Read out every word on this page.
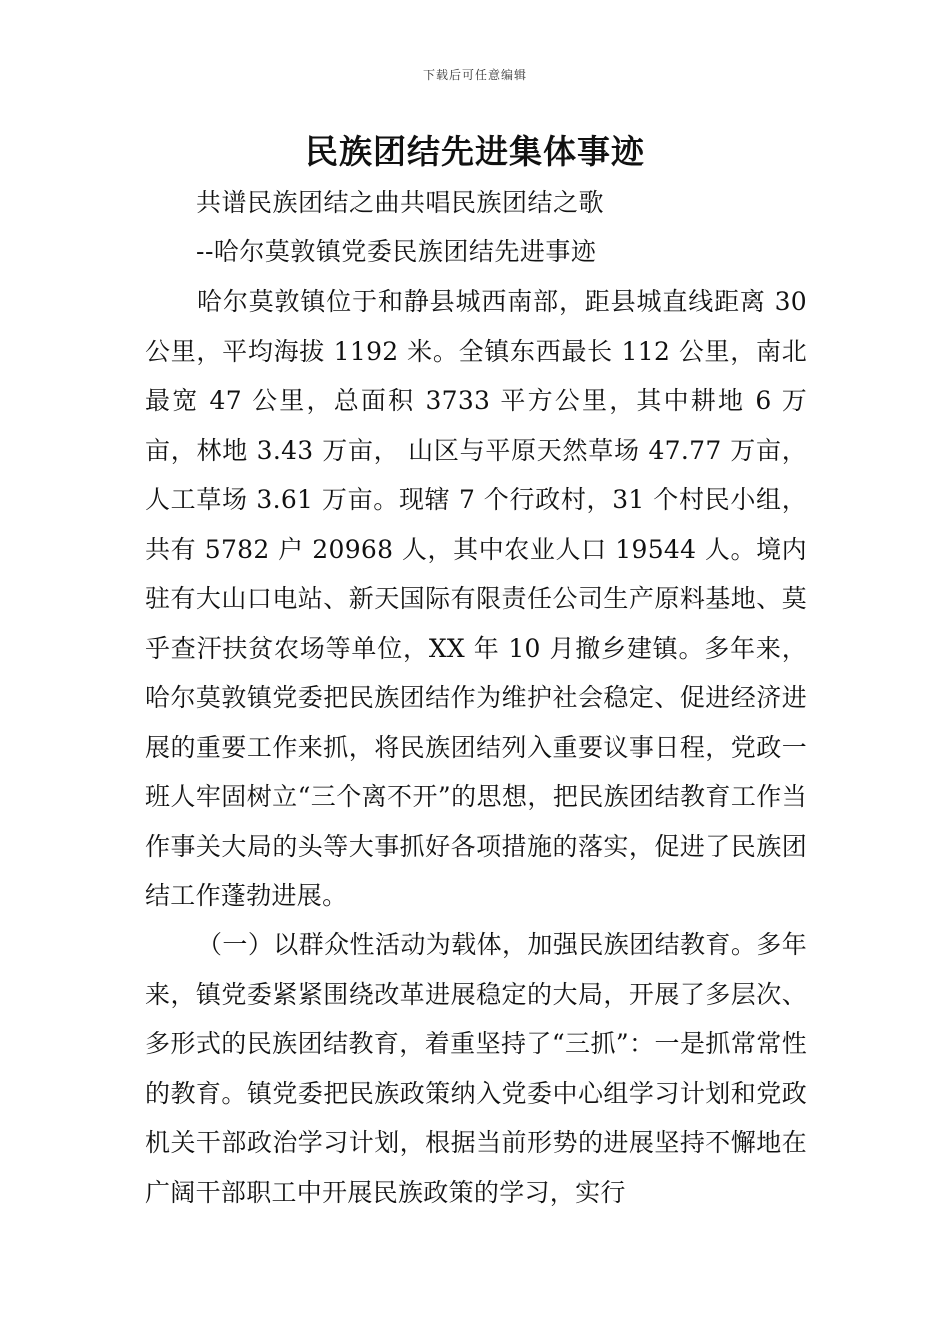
下载后可任意编辑
民族团结先进集体事迹
共谱民族团结之曲共唱民族团结之歌
--哈尔莫敦镇党委民族团结先进事迹
哈尔莫敦镇位于和静县城西南部，距县城直线距离 30 公里，平均海拔 1192 米。全镇东西最长 112 公里，南北最宽 47 公里，总面积 3733 平方公里，其中耕地 6 万亩，林地 3.43 万亩， 山区与平原天然草场 47.77 万亩， 人工草场 3.61 万亩。现辖 7 个行政村，31 个村民小组，共有 5782 户 20968 人，其中农业人口 19544 人。境内驻有大山口电站、新天国际有限责任公司生产原料基地、莫乎查汗扶贫农场等单位，XX 年 10 月撤乡建镇。多年来，哈尔莫敦镇党委把民族团结作为维护社会稳定、促进经济进展的重要工作来抓，将民族团结列入重要议事日程，党政一班人牢固树立“三个离不开”的思想，把民族团结教育工作当作事关大局的头等大事抓好各项措施的落实，促进了民族团结工作蓬勃进展。
（一）以群众性活动为载体，加强民族团结教育。多年来，镇党委紧紧围绕改革进展稳定的大局，开展了多层次、多形式的民族团结教育，着重坚持了“三抓”：一是抓常常性的教育。镇党委把民族政策纳入党委中心组学习计划和党政机关干部政治学习计划，根据当前形势的进展坚持不懈地在广阔干部职工中开展民族政策的学习，实行
